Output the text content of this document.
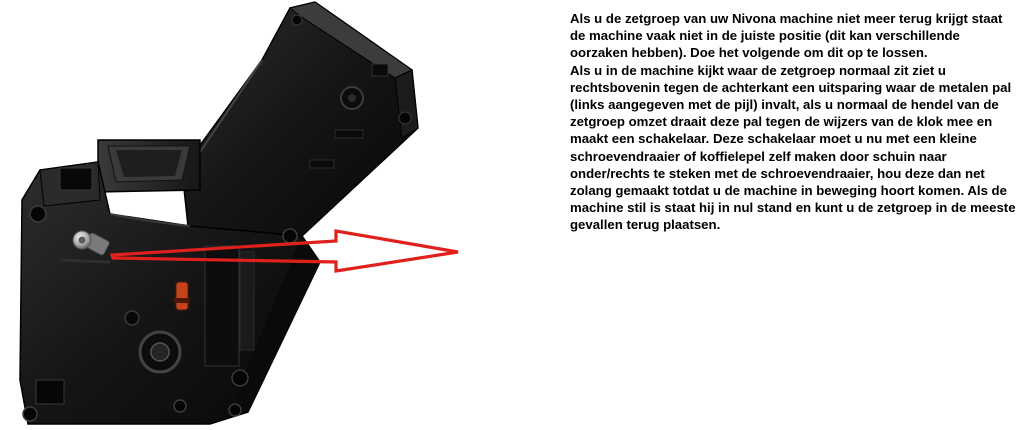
Als u de zetgroep van uw Nivona machine niet meer terug krijgt staat de machine vaak niet in de juiste positie (dit kan verschillende oorzaken hebben). Doe het volgende om dit op te lossen.

Als u in de machine kijkt waar de zetgroep normaal zit ziet u rechtsbovenin tegen de achterkant een uitsparing waar de metalen pal (links aangegeven met de pijl) invalt, als u normaal de hendel van de zetgroep omzet draait deze pal tegen de wijzers van de klok mee en maakt een schakelaar. Deze schakelaar moet u nu met een kleine schroevendraaier of koffielepel zelf maken door schuin naar onder/rechts te steken met de schroevendraaier, hou deze dan net zolang gemaakt totdat u de machine in beweging hoort komen. Als de machine stil is staat hij in nul stand en kunt u de zetgroep in de meeste gevallen terug plaatsen.
